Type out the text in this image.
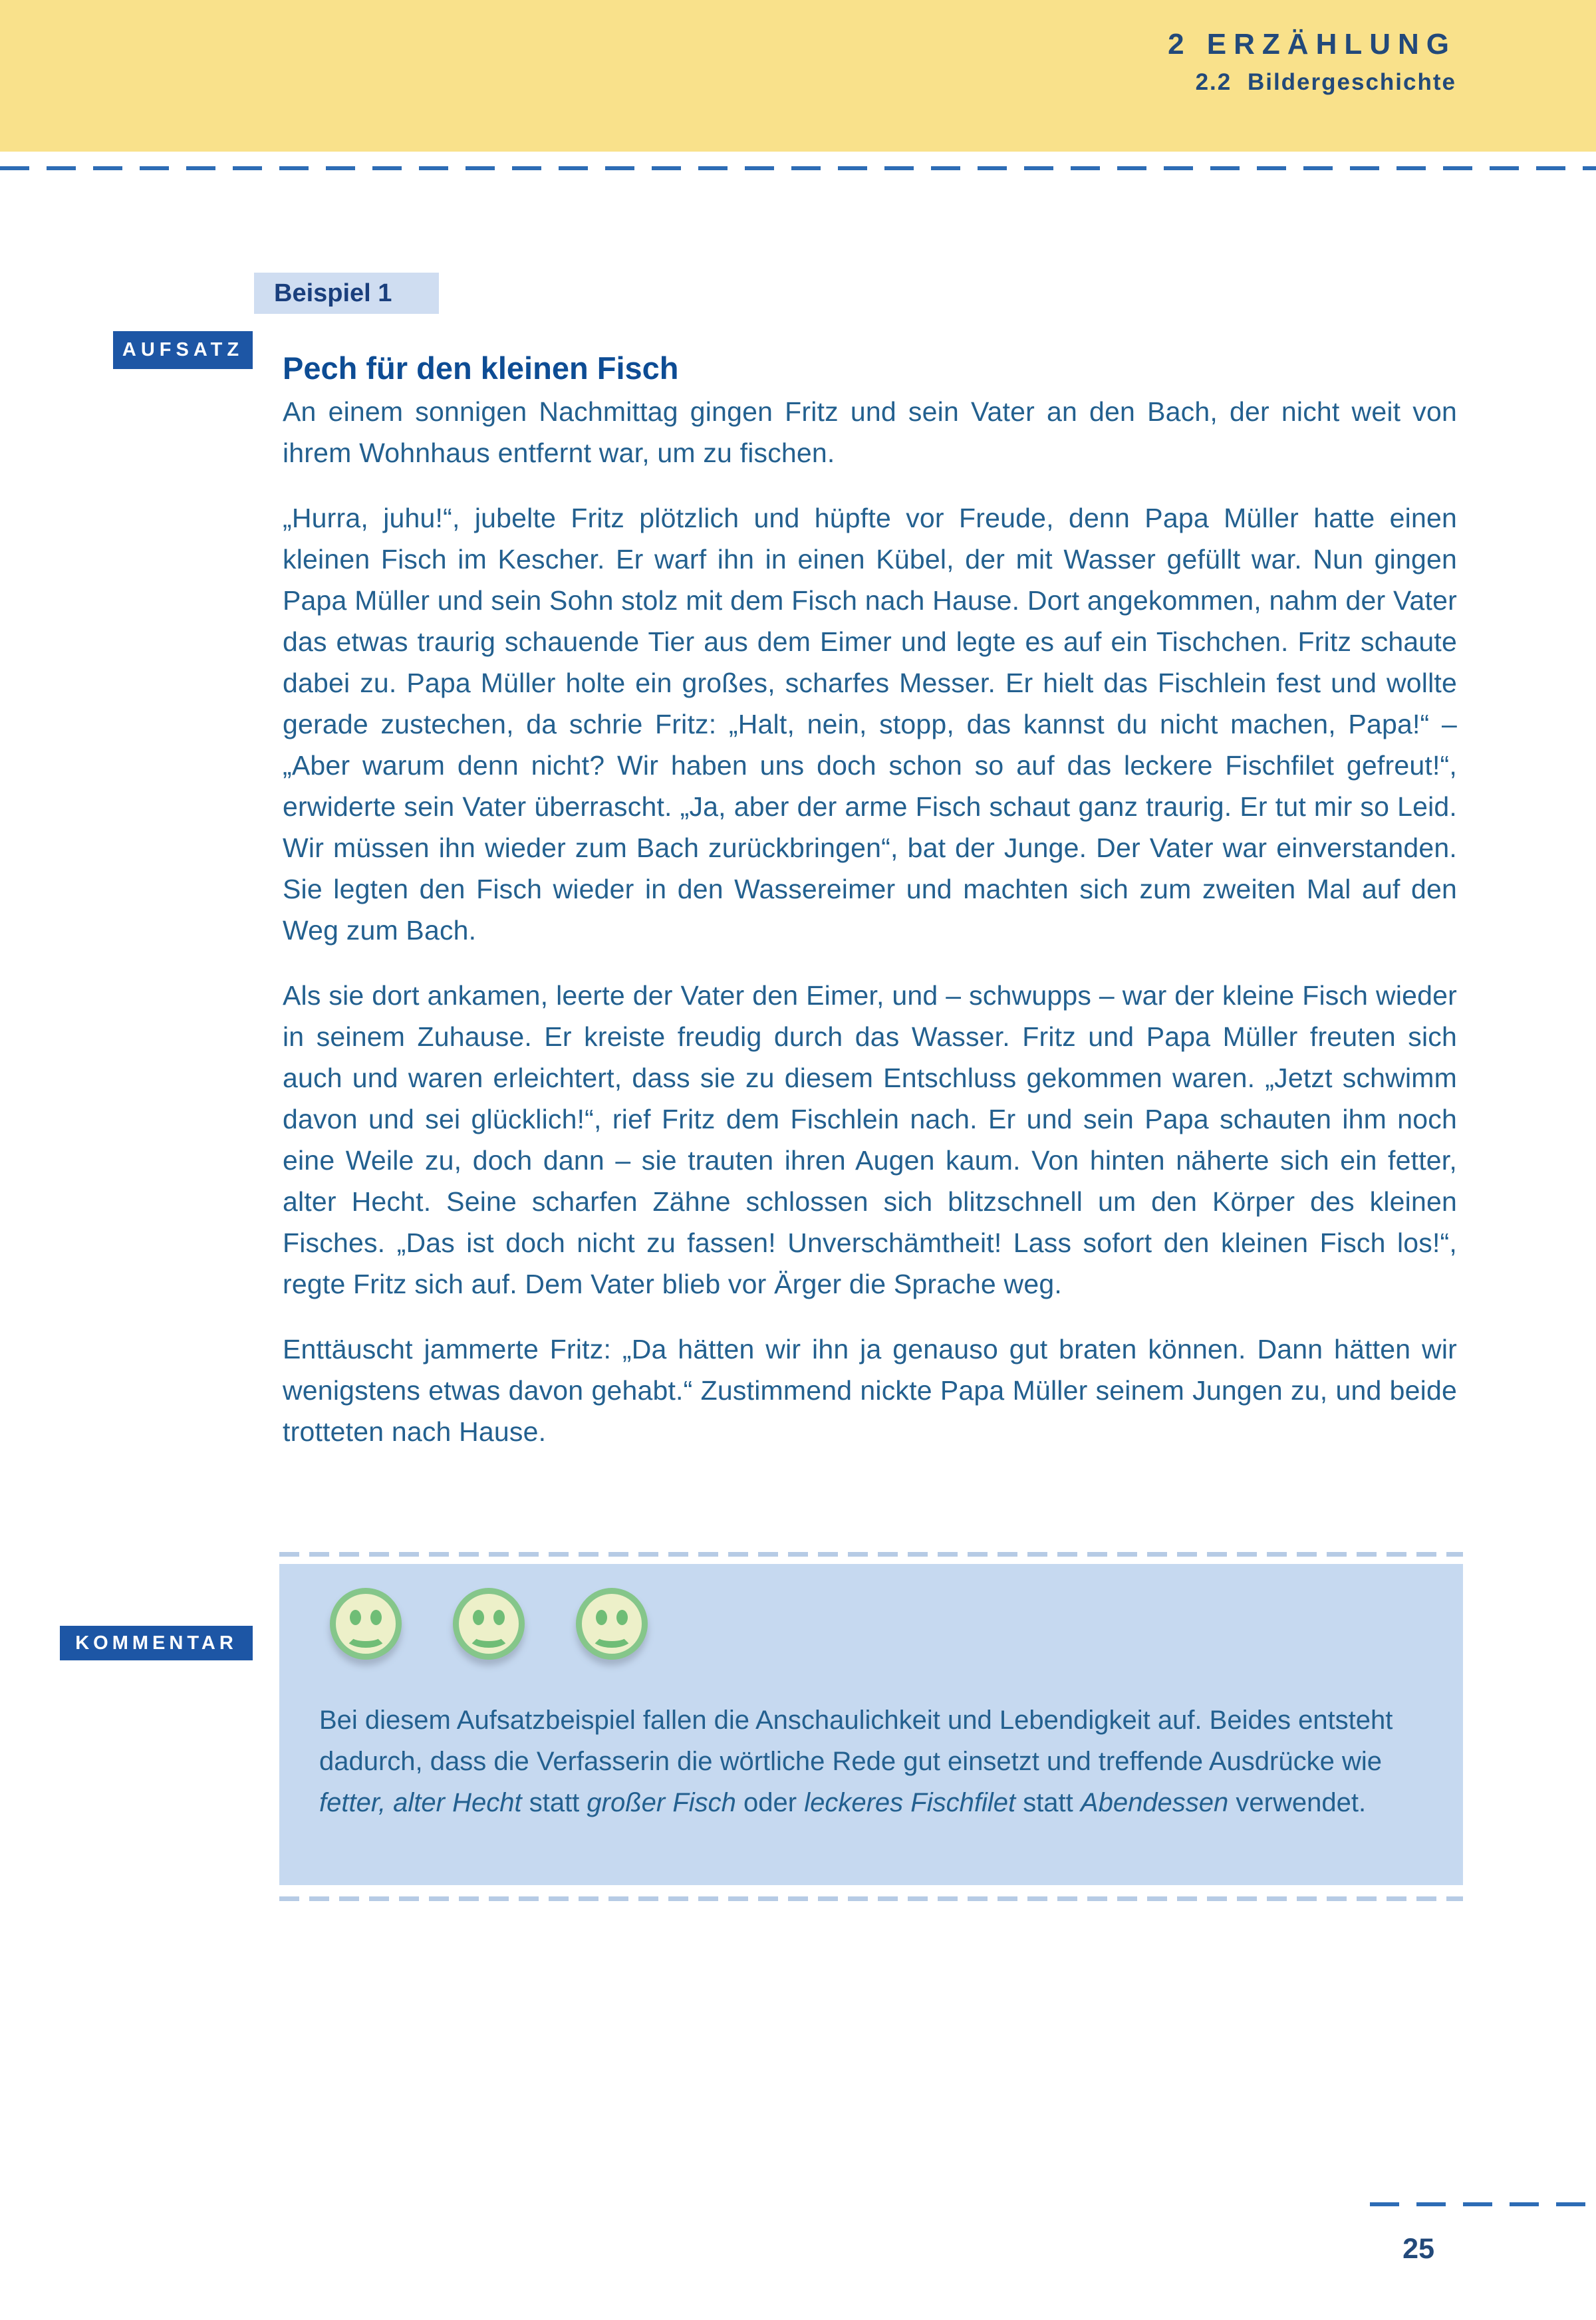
2 ERZÄHLUNG
2.2 Bildergeschichte
Beispiel 1
AUFSATZ
Pech für den kleinen Fisch

An einem sonnigen Nachmittag gingen Fritz und sein Vater an den Bach, der nicht weit von ihrem Wohnhaus entfernt war, um zu fischen.

„Hurra, juhu!“, jubelte Fritz plötzlich und hüpfte vor Freude, denn Papa Müller hatte einen kleinen Fisch im Kescher. Er warf ihn in einen Kübel, der mit Wasser gefüllt war. Nun gingen Papa Müller und sein Sohn stolz mit dem Fisch nach Hause. Dort angekommen, nahm der Vater das etwas traurig schauende Tier aus dem Eimer und legte es auf ein Tischchen. Fritz schaute dabei zu. Papa Müller holte ein großes, scharfes Messer. Er hielt das Fischlein fest und wollte gerade zustechen, da schrie Fritz: „Halt, nein, stopp, das kannst du nicht machen, Papa!“ – „Aber warum denn nicht? Wir haben uns doch schon so auf das leckere Fischfilet gefreut!“, erwiderte sein Vater überrascht. „Ja, aber der arme Fisch schaut ganz traurig. Er tut mir so Leid. Wir müssen ihn wieder zum Bach zurückbringen“, bat der Junge. Der Vater war einverstanden. Sie legten den Fisch wieder in den Wassereimer und machten sich zum zweiten Mal auf den Weg zum Bach.

Als sie dort ankamen, leerte der Vater den Eimer, und – schwupps – war der kleine Fisch wieder in seinem Zuhause. Er kreiste freudig durch das Wasser. Fritz und Papa Müller freuten sich auch und waren erleichtert, dass sie zu diesem Entschluss gekommen waren. „Jetzt schwimm davon und sei glücklich!“, rief Fritz dem Fischlein nach. Er und sein Papa schauten ihm noch eine Weile zu, doch dann – sie trauten ihren Augen kaum. Von hinten näherte sich ein fetter, alter Hecht. Seine scharfen Zähne schlossen sich blitzschnell um den Körper des kleinen Fisches. „Das ist doch nicht zu fassen! Unverschämtheit! Lass sofort den kleinen Fisch los!“, regte Fritz sich auf. Dem Vater blieb vor Ärger die Sprache weg.

Enttäuscht jammerte Fritz: „Da hätten wir ihn ja genauso gut braten können. Dann hätten wir wenigstens etwas davon gehabt.“ Zustimmend nickte Papa Müller seinem Jungen zu, und beide trotteten nach Hause.

KOMMENTAR

Bei diesem Aufsatzbeispiel fallen die Anschaulichkeit und Lebendigkeit auf. Beides entsteht dadurch, dass die Verfasserin die wörtliche Rede gut einsetzt und treffende Ausdrücke wie fetter, alter Hecht statt großer Fisch oder leckeres Fischfilet statt Abendessen verwendet.

25
